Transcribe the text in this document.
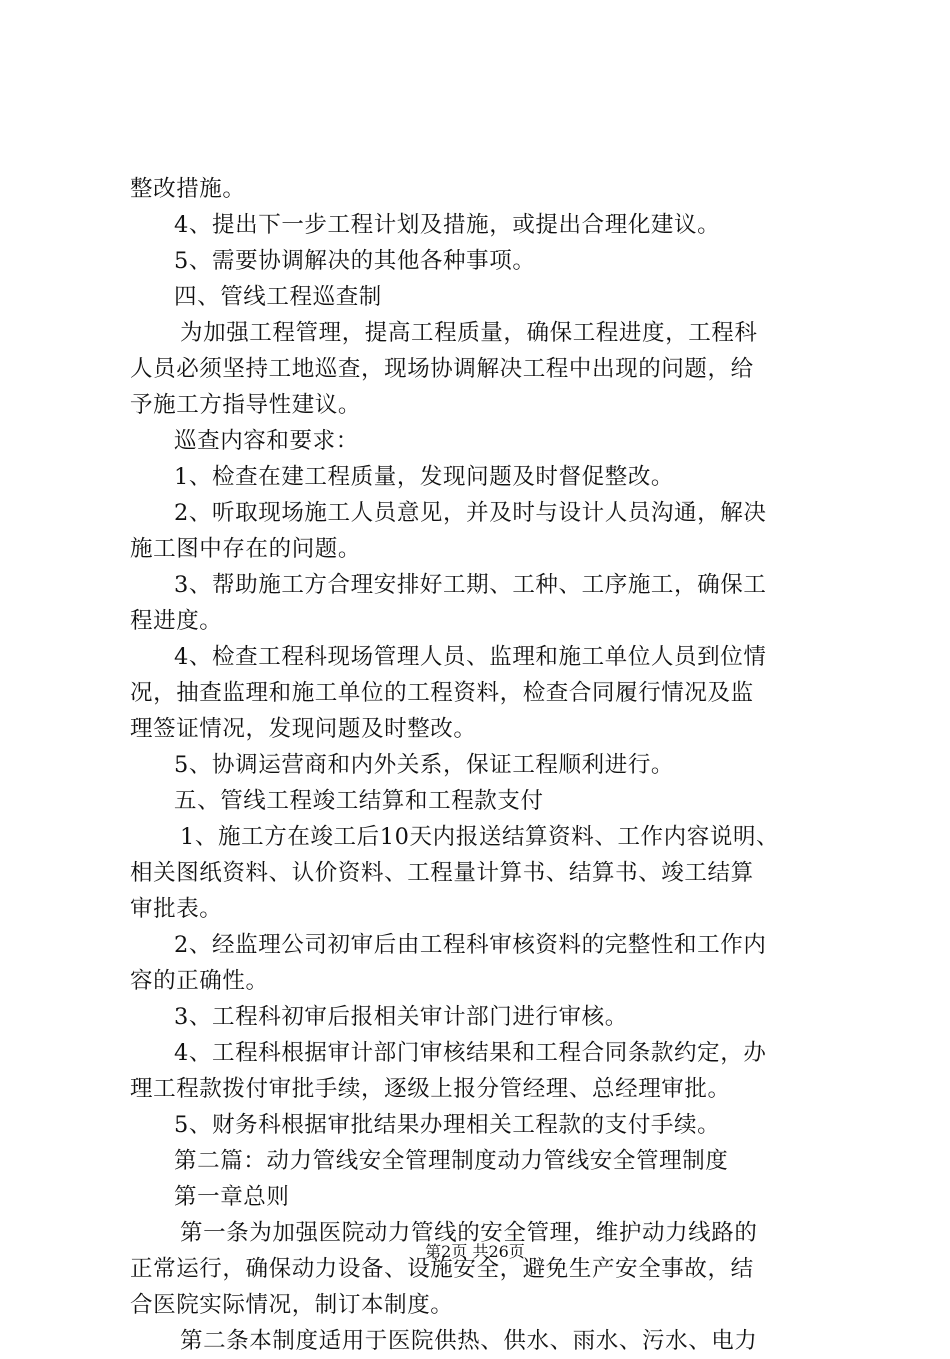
整改措施。
4、提出下一步工程计划及措施，或提出合理化建议。
5、需要协调解决的其他各种事项。
四、管线工程巡查制
为加强工程管理，提高工程质量，确保工程进度，工程科
人员必须坚持工地巡查，现场协调解决工程中出现的问题，给
予施工方指导性建议。
巡查内容和要求：
1、检查在建工程质量，发现问题及时督促整改。
2、听取现场施工人员意见，并及时与设计人员沟通，解决
施工图中存在的问题。
3、帮助施工方合理安排好工期、工种、工序施工，确保工
程进度。
4、检查工程科现场管理人员、监理和施工单位人员到位情
况，抽查监理和施工单位的工程资料，检查合同履行情况及监
理签证情况，发现问题及时整改。
5、协调运营商和内外关系，保证工程顺利进行。
五、管线工程竣工结算和工程款支付
1、施工方在竣工后10天内报送结算资料、工作内容说明、
相关图纸资料、认价资料、工程量计算书、结算书、竣工结算
审批表。
2、经监理公司初审后由工程科审核资料的完整性和工作内
容的正确性。
3、工程科初审后报相关审计部门进行审核。
4、工程科根据审计部门审核结果和工程合同条款约定，办
理工程款拨付审批手续，逐级上报分管经理、总经理审批。
5、财务科根据审批结果办理相关工程款的支付手续。
第二篇：动力管线安全管理制度动力管线安全管理制度
第一章总则
第一条为加强医院动力管线的安全管理，维护动力线路的
正常运行，确保动力设备、设施安全，避免生产安全事故，结
合医院实际情况，制订本制度。
第二条本制度适用于医院供热、供水、雨水、污水、电力
第2页 共26页
